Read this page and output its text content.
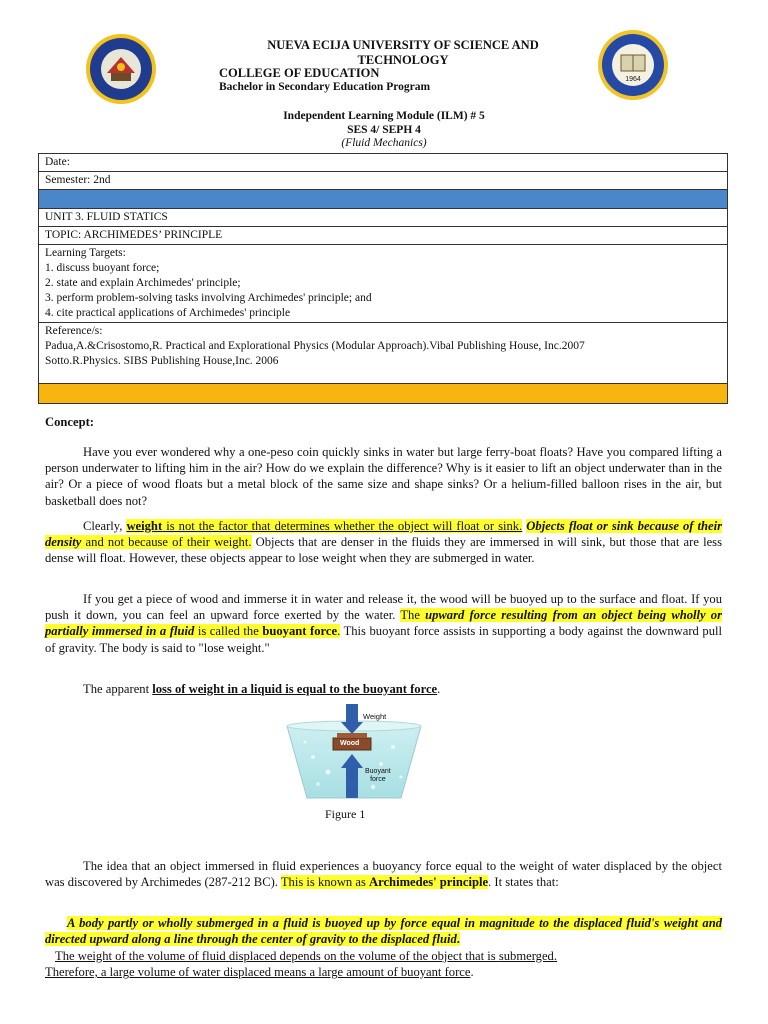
1964
NUEVA ECIJA UNIVERSITY OF SCIENCE AND
TECHNOLOGY
COLLEGE OF EDUCATION
Bachelor in Secondary Education Program
Independent Learning Module (ILM) # 5
SES 4/ SEPH 4
(Fluid Mechanics)
Date:
Semester: 2nd

UNIT 3. FLUID STATICS
TOPIC: ARCHIMEDES’ PRINCIPLE

Learning Targets:
1. discuss buoyant force;
2. state and explain Archimedes' principle;
3. perform problem-solving tasks involving Archimedes' principle; and
4. cite practical applications of Archimedes' principle

Reference/s:
Padua,A.&Crisostomo,R. Practical and Explorational Physics (Modular Approach).Vibal Publishing House, Inc.2007
Sotto.R.Physics. SIBS Publishing House,Inc. 2006

Concept:
Have you ever wondered why a one-peso coin quickly sinks in water but large ferry-boat floats? Have you compared lifting a person underwater to lifting him in the air? How do we explain the difference? Why is it easier to lift an object underwater than in the air? Or a piece of wood floats but a metal block of the same size and shape sinks? Or a helium-filled balloon rises in the air, but basketball does not?
Clearly, weight is not the factor that determines whether the object will float or sink. Objects float or sink because of their density and not because of their weight. Objects that are denser in the fluids they are immersed in will sink, but those that are less dense will float. However, these objects appear to lose weight when they are submerged in water.
If you get a piece of wood and immerse it in water and release it, the wood will be buoyed up to the surface and float. If you push it down, you can feel an upward force exerted by the water. The upward force resulting from an object being wholly or partially immersed in a fluid is called the buoyant force. This buoyant force assists in supporting a body against the downward pull of gravity. The body is said to "lose weight."
The apparent loss of weight in a liquid is equal to the buoyant force.
Weight
Wood
Buoyant
force
Figure 1
The idea that an object immersed in fluid experiences a buoyancy force equal to the weight of water displaced by the object was discovered by Archimedes (287-212 BC). This is known as Archimedes' principle. It states that:
A body partly or wholly submerged in a fluid is buoyed up by force equal in magnitude to the displaced fluid's weight and directed upward along a line through the center of gravity to the displaced fluid.
The weight of the volume of fluid displaced depends on the volume of the object that is submerged.
Therefore, a large volume of water displaced means a large amount of buoyant force.
